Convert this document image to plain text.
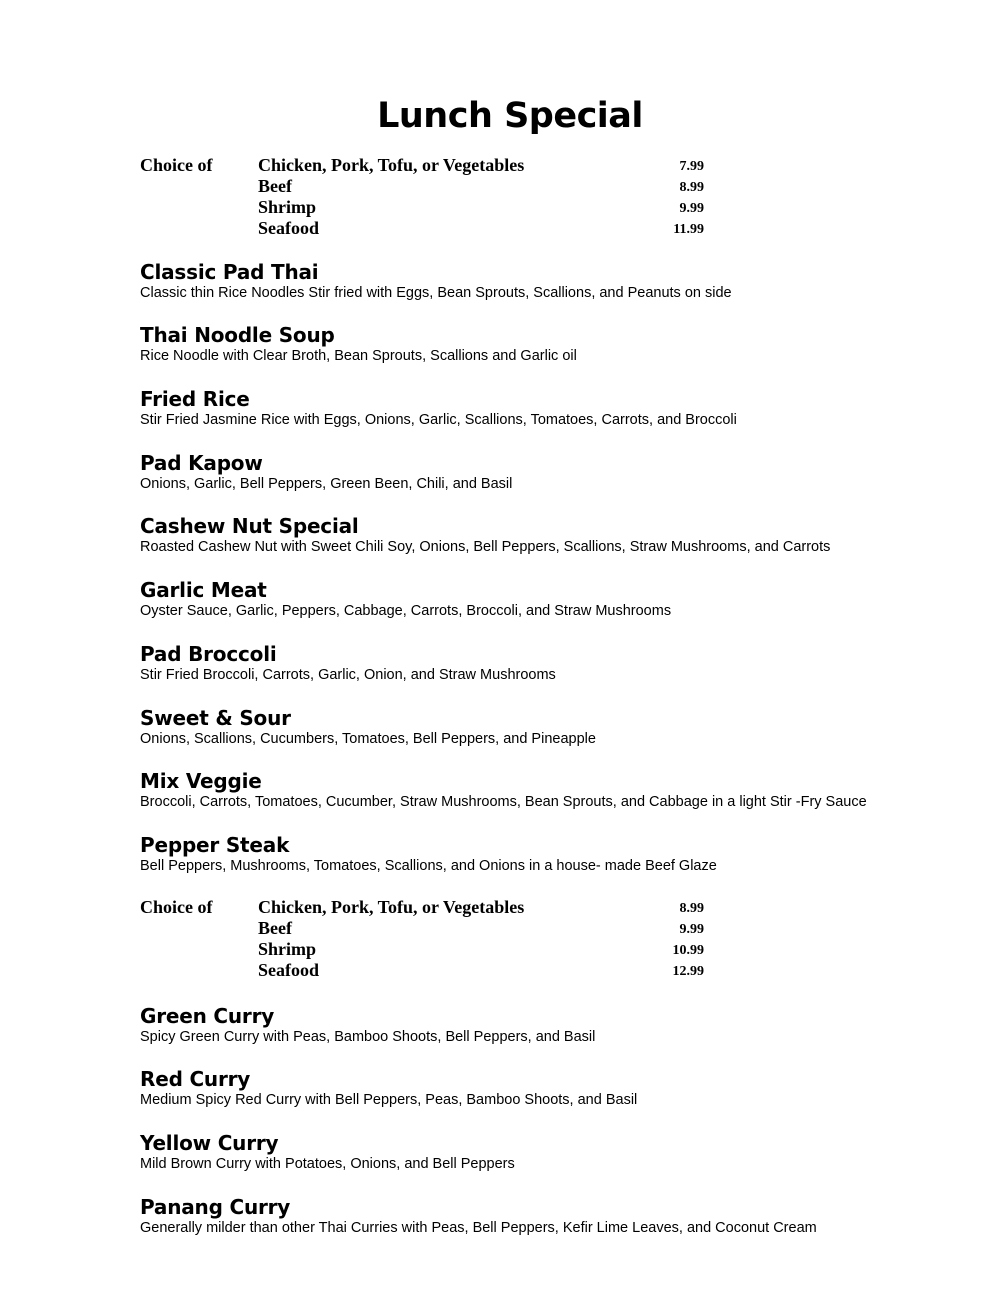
Lunch Special
Choice of	Chicken, Pork, Tofu, or Vegetables	7.99
Beef	8.99
Shrimp	9.99
Seafood	11.99
Classic Pad Thai
Classic thin Rice Noodles Stir fried with Eggs, Bean Sprouts, Scallions, and Peanuts on side
Thai Noodle Soup
Rice Noodle with Clear Broth, Bean Sprouts, Scallions and Garlic oil
Fried Rice
Stir Fried Jasmine Rice with Eggs, Onions, Garlic, Scallions, Tomatoes, Carrots, and Broccoli
Pad Kapow
Onions, Garlic, Bell Peppers, Green Been, Chili, and Basil
Cashew Nut Special
Roasted Cashew Nut with Sweet Chili Soy, Onions, Bell Peppers, Scallions, Straw Mushrooms, and Carrots
Garlic Meat
Oyster Sauce, Garlic, Peppers, Cabbage, Carrots, Broccoli, and Straw Mushrooms
Pad Broccoli
Stir Fried Broccoli, Carrots, Garlic, Onion, and Straw Mushrooms
Sweet & Sour
Onions, Scallions, Cucumbers, Tomatoes, Bell Peppers, and Pineapple
Mix Veggie
Broccoli, Carrots, Tomatoes, Cucumber, Straw Mushrooms, Bean Sprouts, and Cabbage in a light Stir -Fry Sauce
Pepper Steak
Bell Peppers, Mushrooms, Tomatoes, Scallions, and Onions in a house- made Beef Glaze
Choice of	Chicken, Pork, Tofu, or Vegetables	8.99
Beef	9.99
Shrimp	10.99
Seafood	12.99
Green Curry
Spicy Green Curry with Peas, Bamboo Shoots, Bell Peppers, and Basil
Red Curry
Medium Spicy Red Curry with Bell Peppers, Peas, Bamboo Shoots, and Basil
Yellow Curry
Mild Brown Curry with Potatoes, Onions, and Bell Peppers
Panang Curry
Generally milder than other Thai Curries with Peas, Bell Peppers, Kefir Lime Leaves, and Coconut Cream
